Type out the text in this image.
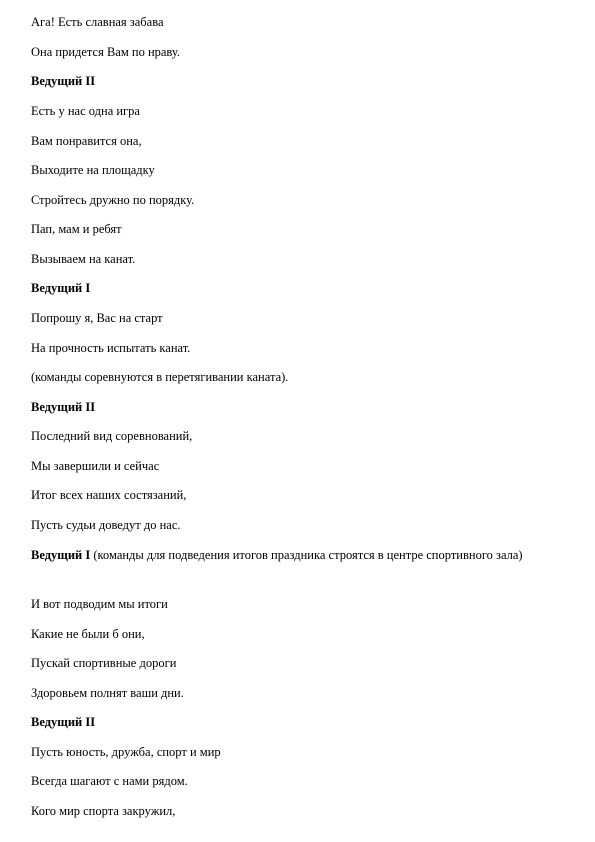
Ага! Есть славная забава
Она придется Вам по нраву.
Ведущий II
Есть у нас одна игра
Вам понравится она,
Выходите на площадку
Стройтесь дружно по порядку.
Пап, мам и ребят
Вызываем на канат.
Ведущий I
Попрошу я, Вас на старт
На прочность испытать канат.
(команды соревнуются в перетягивании каната).
Ведущий II
Последний вид соревнований,
Мы завершили и сейчас
Итог всех наших состязаний,
Пусть судьи доведут до нас.
Ведущий I (команды для подведения итогов праздника строятся в центре спортивного зала)
И вот подводим мы итоги
Какие не были б они,
Пускай спортивные дороги
Здоровьем полнят ваши дни.
Ведущий II
Пусть юность, дружба, спорт и мир
Всегда шагают с нами рядом.
Кого мир спорта закружил,
